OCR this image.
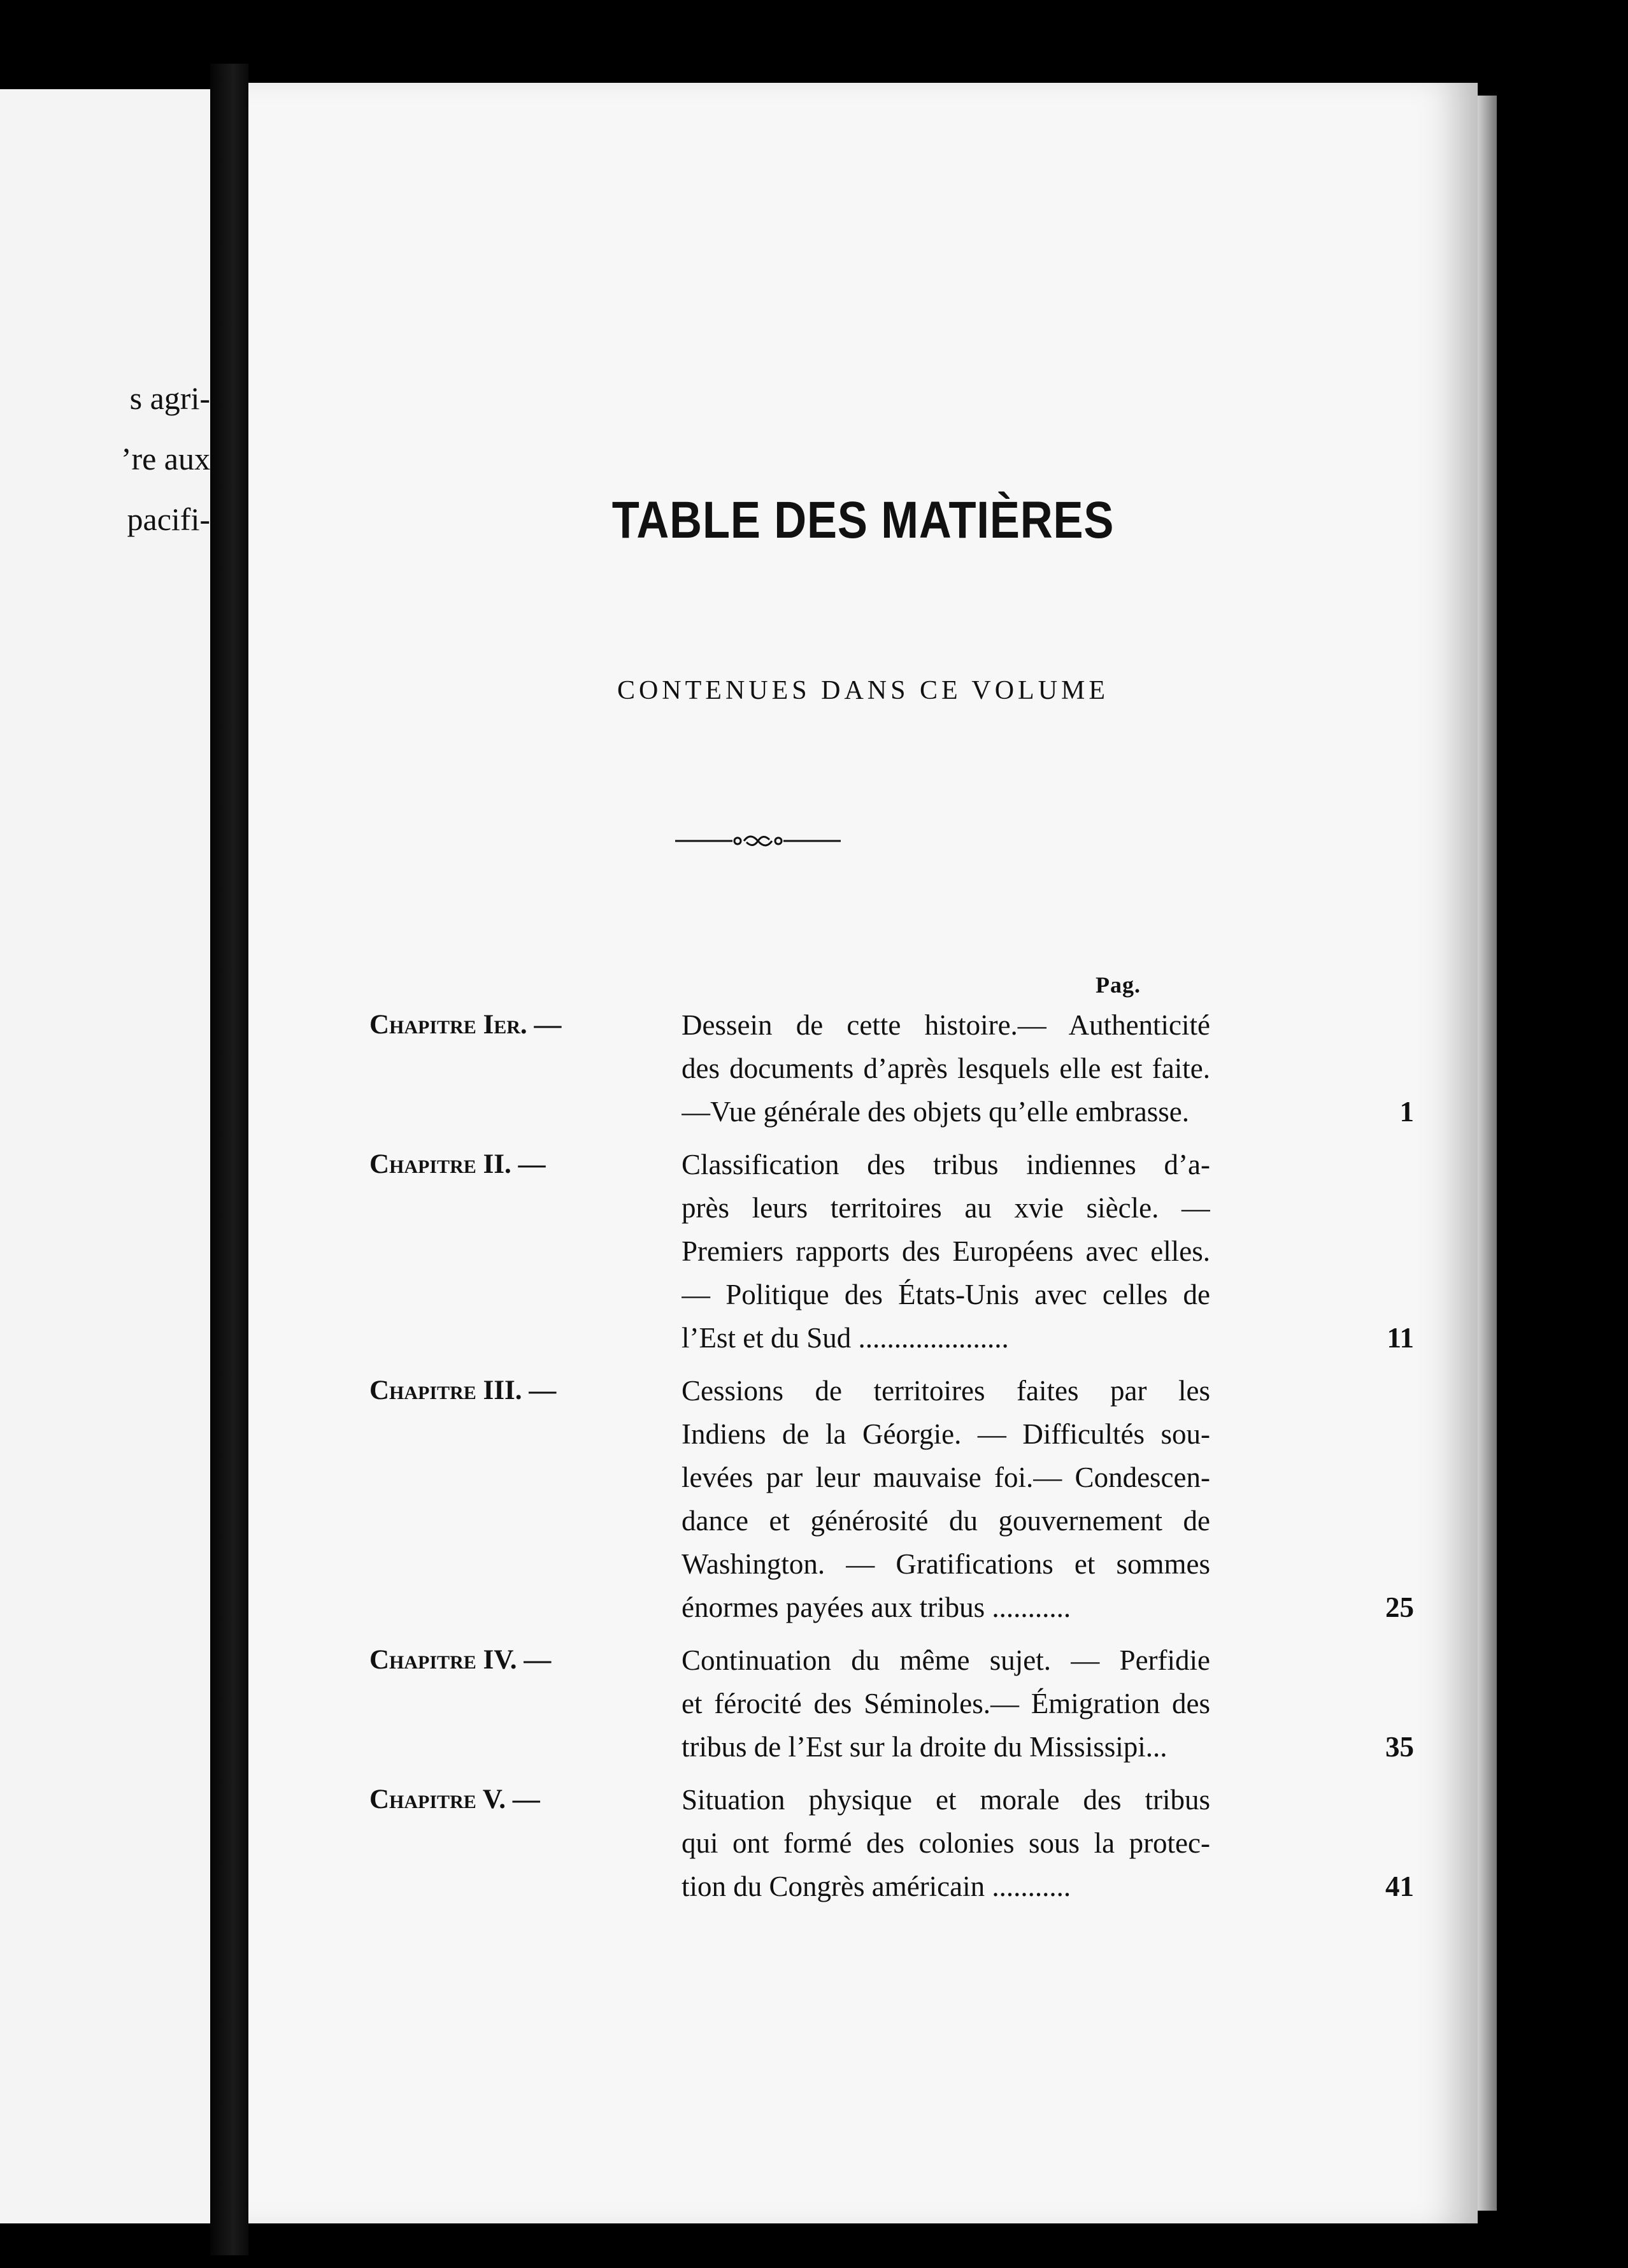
s agri-
’re aux
pacifi-	TABLE DES MATIÈRES
CONTENUES DANS CE VOLUME
Pag.
Chapitre Ier. —	Dessein de cette histoire.— Authenticité
des documents d’après lesquels elle est faite.
—Vue générale des objets qu’elle embrasse.	1
Chapitre II. —	Classification des tribus indiennes d’a-
près leurs territoires au xvie siècle. —
Premiers rapports des Européens avec elles.
— Politique des États-Unis avec celles de
l’Est et du Sud .....................	11
Chapitre III. —	Cessions de territoires faites par les
Indiens de la Géorgie. — Difficultés sou-
levées par leur mauvaise foi.— Condescen-
dance et générosité du gouvernement de
Washington. — Gratifications et sommes
énormes payées aux tribus ...........	25
Chapitre IV. —	Continuation du même sujet. — Perfidie
et férocité des Séminoles.— Émigration des
tribus de l’Est sur la droite du Mississipi...	35
Chapitre V. —	Situation physique et morale des tribus
qui ont formé des colonies sous la protec-
tion du Congrès américain ...........	41
